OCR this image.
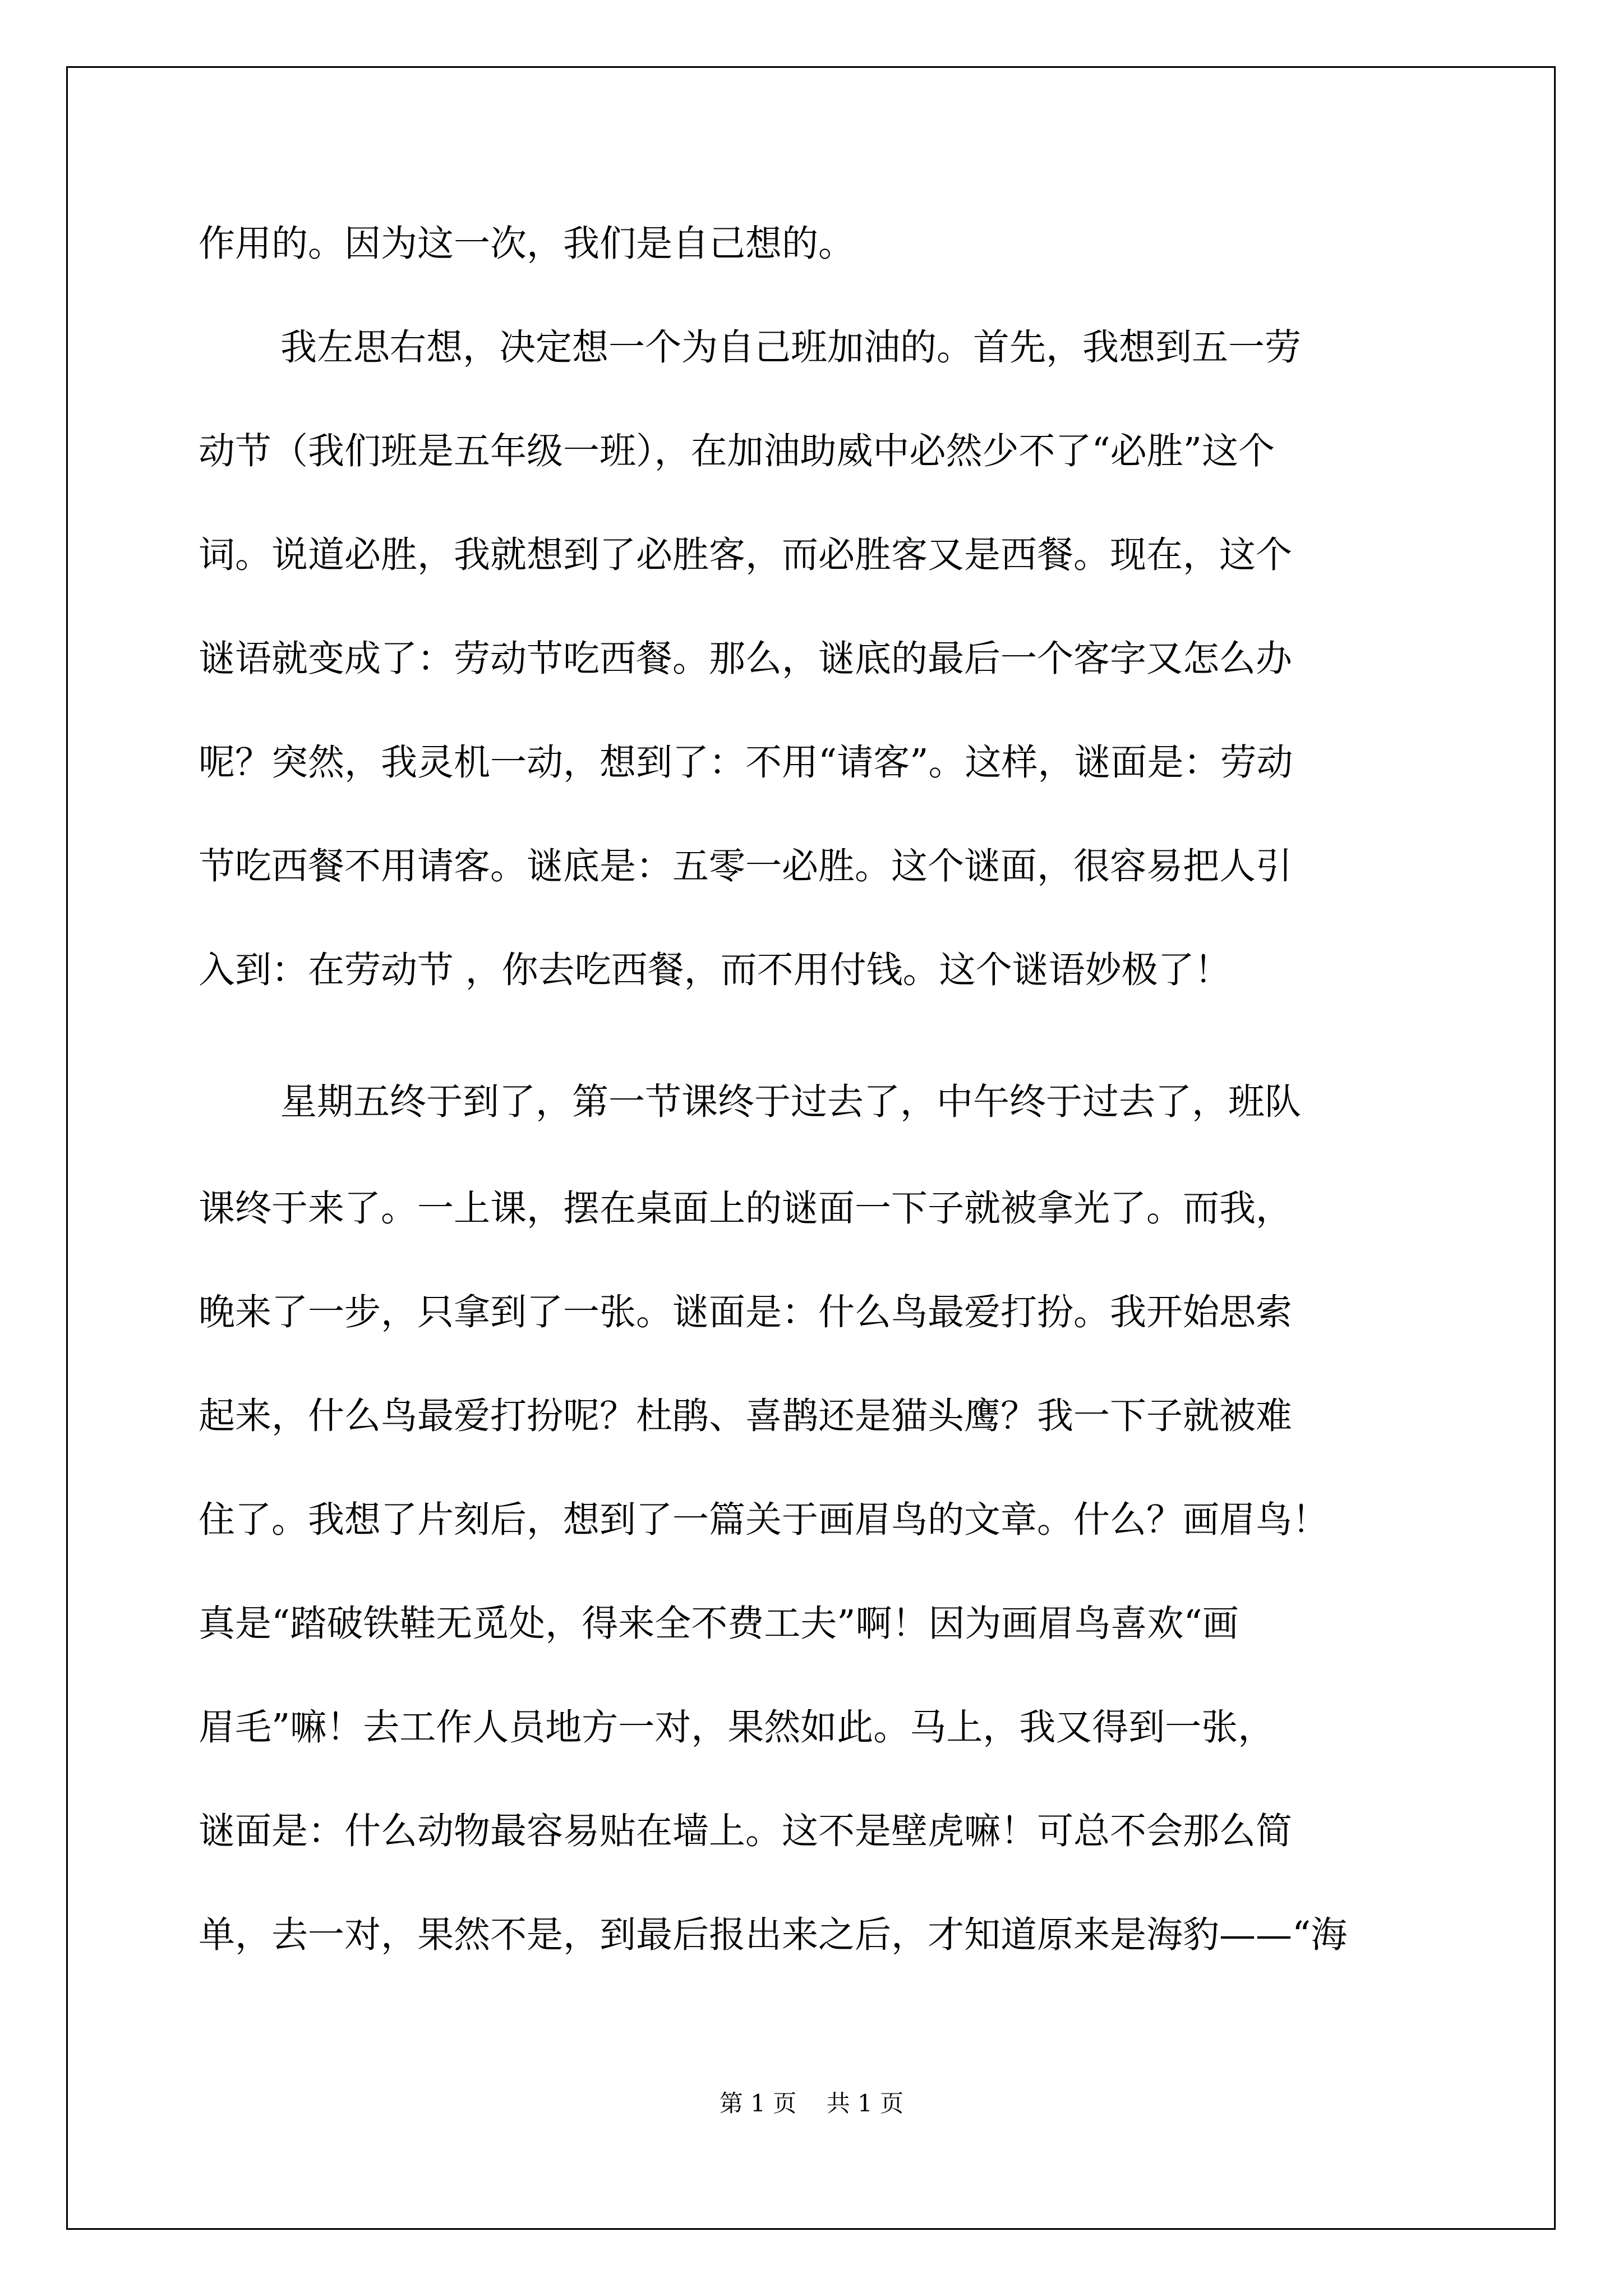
作用的。因为这一次，我们是自己想的。

我左思右想，决定想一个为自己班加油的。首先，我想到五一劳

动节（我们班是五年级一班），在加油助威中必然少不了“必胜”这个

词。说道必胜，我就想到了必胜客，而必胜客又是西餐。现在，这个

谜语就变成了：劳动节吃西餐。那么，谜底的最后一个客字又怎么办

呢？突然，我灵机一动，想到了：不用“请客”。这样，谜面是：劳动

节吃西餐不用请客。谜底是：五零一必胜。这个谜面，很容易把人引

入到：在劳动节 ，你去吃西餐，而不用付钱。这个谜语妙极了！

星期五终于到了，第一节课终于过去了，中午终于过去了，班队

课终于来了。一上课，摆在桌面上的谜面一下子就被拿光了。而我，

晚来了一步，只拿到了一张。谜面是：什么鸟最爱打扮。我开始思索

起来，什么鸟最爱打扮呢？杜鹃、喜鹊还是猫头鹰？我一下子就被难

住了。我想了片刻后，想到了一篇关于画眉鸟的文章。什么？画眉鸟！

真是“踏破铁鞋无觅处，得来全不费工夫”啊！因为画眉鸟喜欢“画

眉毛”嘛！去工作人员地方一对，果然如此。马上，我又得到一张，

谜面是：什么动物最容易贴在墙上。这不是壁虎嘛！可总不会那么简

单，去一对，果然不是，到最后报出来之后，才知道原来是海豹——“海

第 1 页    共 1 页
